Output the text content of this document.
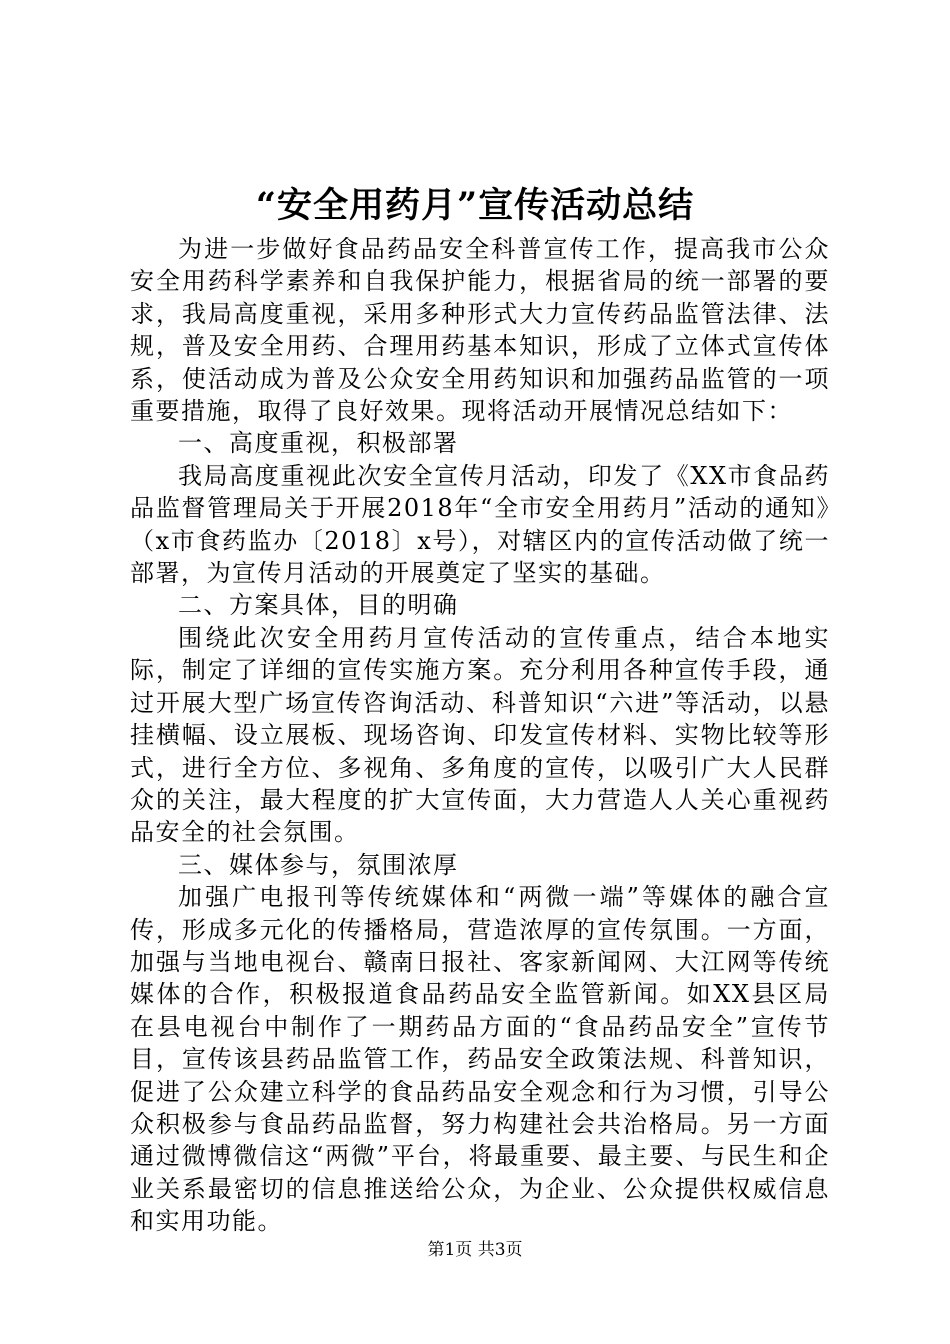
“安全用药月”宣传活动总结

为进一步做好食品药品安全科普宣传工作，提高我市公众安全用药科学素养和自我保护能力，根据省局的统一部署的要求，我局高度重视，采用多种形式大力宣传药品监管法律、法规，普及安全用药、合理用药基本知识，形成了立体式宣传体系，使活动成为普及公众安全用药知识和加强药品监管的一项重要措施，取得了良好效果。现将活动开展情况总结如下：

一、高度重视，积极部署

我局高度重视此次安全宣传月活动，印发了《XX市食品药品监督管理局关于开展2018年“全市安全用药月”活动的通知》（x市食药监办〔2018〕x号），对辖区内的宣传活动做了统一部署，为宣传月活动的开展奠定了坚实的基础。

二、方案具体，目的明确

围绕此次安全用药月宣传活动的宣传重点，结合本地实际，制定了详细的宣传实施方案。充分利用各种宣传手段，通过开展大型广场宣传咨询活动、科普知识“六进”等活动，以悬挂横幅、设立展板、现场咨询、印发宣传材料、实物比较等形式，进行全方位、多视角、多角度的宣传，以吸引广大人民群众的关注，最大程度的扩大宣传面，大力营造人人关心重视药品安全的社会氛围。

三、媒体参与，氛围浓厚

加强广电报刊等传统媒体和“两微一端”等媒体的融合宣传，形成多元化的传播格局，营造浓厚的宣传氛围。一方面，加强与当地电视台、赣南日报社、客家新闻网、大江网等传统媒体的合作，积极报道食品药品安全监管新闻。如XX县区局在县电视台中制作了一期药品方面的“食品药品安全”宣传节目，宣传该县药品监管工作，药品安全政策法规、科普知识，促进了公众建立科学的食品药品安全观念和行为习惯，引导公众积极参与食品药品监督，努力构建社会共治格局。另一方面通过微博微信这“两微”平台，将最重要、最主要、与民生和企业关系最密切的信息推送给公众，为企业、公众提供权威信息和实用功能。

第1页 共3页
